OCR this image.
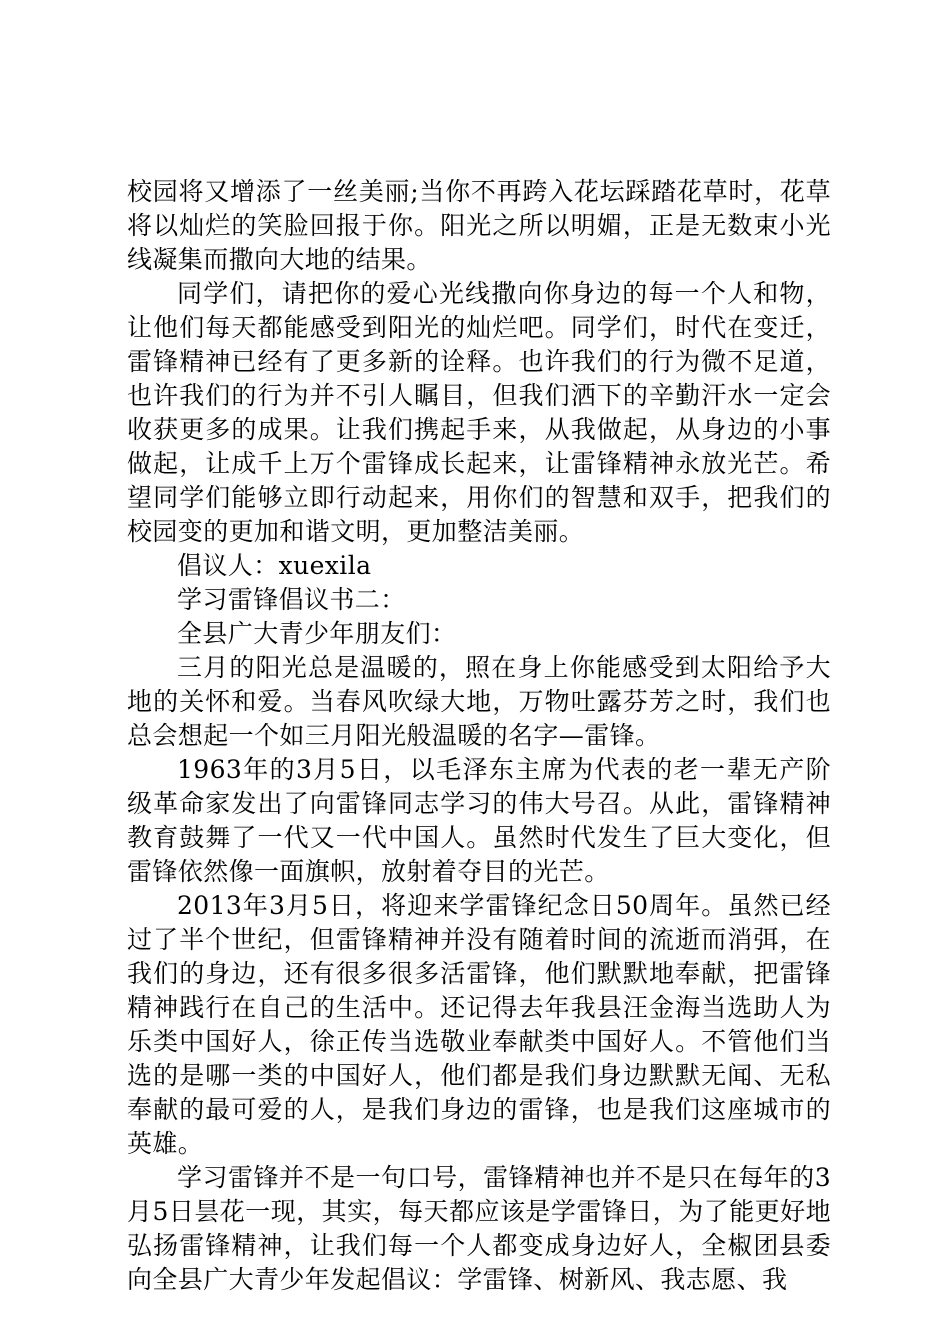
校园将又增添了一丝美丽;当你不再跨入花坛踩踏花草时，花草将以灿烂的笑脸回报于你。阳光之所以明媚，正是无数束小光线凝集而撒向大地的结果。

同学们，请把你的爱心光线撒向你身边的每一个人和物，让他们每天都能感受到阳光的灿烂吧。同学们，时代在变迁，雷锋精神已经有了更多新的诠释。也许我们的行为微不足道，也许我们的行为并不引人瞩目，但我们洒下的辛勤汗水一定会收获更多的成果。让我们携起手来，从我做起，从身边的小事做起，让成千上万个雷锋成长起来，让雷锋精神永放光芒。希望同学们能够立即行动起来，用你们的智慧和双手，把我们的校园变的更加和谐文明，更加整洁美丽。

倡议人：xuexila

学习雷锋倡议书二：

全县广大青少年朋友们：

三月的阳光总是温暖的，照在身上你能感受到太阳给予大地的关怀和爱。当春风吹绿大地，万物吐露芬芳之时，我们也总会想起一个如三月阳光般温暖的名字—雷锋。

1963年的3月5日，以毛泽东主席为代表的老一辈无产阶级革命家发出了向雷锋同志学习的伟大号召。从此，雷锋精神教育鼓舞了一代又一代中国人。虽然时代发生了巨大变化，但雷锋依然像一面旗帜，放射着夺目的光芒。

2013年3月5日，将迎来学雷锋纪念日50周年。虽然已经过了半个世纪，但雷锋精神并没有随着时间的流逝而消弭，在我们的身边，还有很多很多活雷锋，他们默默地奉献，把雷锋精神践行在自己的生活中。还记得去年我县汪金海当选助人为乐类中国好人，徐正传当选敬业奉献类中国好人。不管他们当选的是哪一类的中国好人，他们都是我们身边默默无闻、无私奉献的最可爱的人，是我们身边的雷锋，也是我们这座城市的英雄。

学习雷锋并不是一句口号，雷锋精神也并不是只在每年的3月5日昙花一现，其实，每天都应该是学雷锋日，为了能更好地弘扬雷锋精神，让我们每一个人都变成身边好人，全椒团县委向全县广大青少年发起倡议：学雷锋、树新风、我志愿、我
